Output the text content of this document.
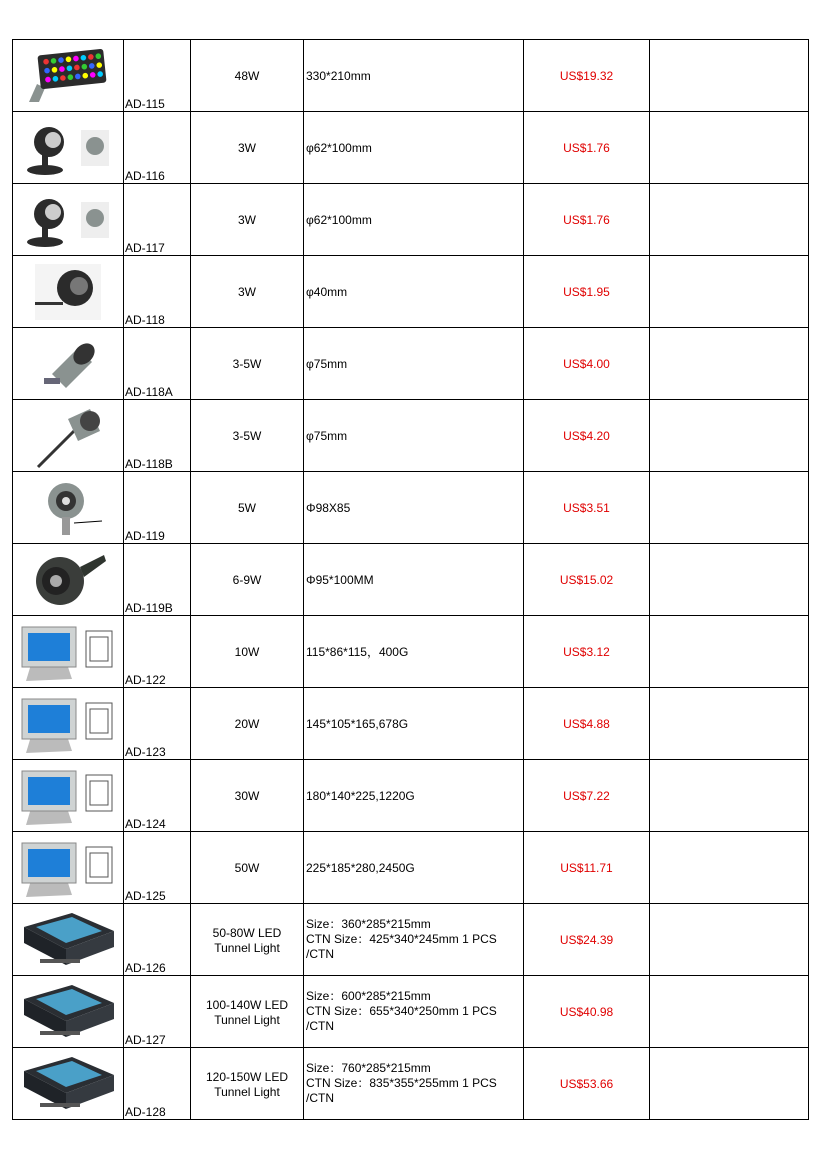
AD-115	48W	330*210mm	US$19.32	

AD-116	3W	φ62*100mm	US$1.76	

AD-117	3W	φ62*100mm	US$1.76	

AD-118	3W	φ40mm	US$1.95	

AD-118A	3-5W	φ75mm	US$4.00	

AD-118B	3-5W	φ75mm	US$4.20	

AD-119	5W	Φ98X85	US$3.51	

AD-119B	6-9W	Φ95*100MM	US$15.02	

AD-122	10W	115*86*115，400G	US$3.12	

AD-123	20W	145*105*165,678G	US$4.88	

AD-124	30W	180*140*225,1220G	US$7.22	

AD-125	50W	225*185*280,2450G	US$11.71	

AD-126	50-80W LED
Tunnel Light	Size：360*285*215mm
CTN Size：425*340*245mm 1 PCS
/CTN	US$24.39	

AD-127	100-140W LED
Tunnel Light	Size：600*285*215mm
CTN Size：655*340*250mm 1 PCS
/CTN	US$40.98	

AD-128	120-150W LED
Tunnel Light	Size：760*285*215mm
CTN Size：835*355*255mm 1 PCS
/CTN	US$53.66	
